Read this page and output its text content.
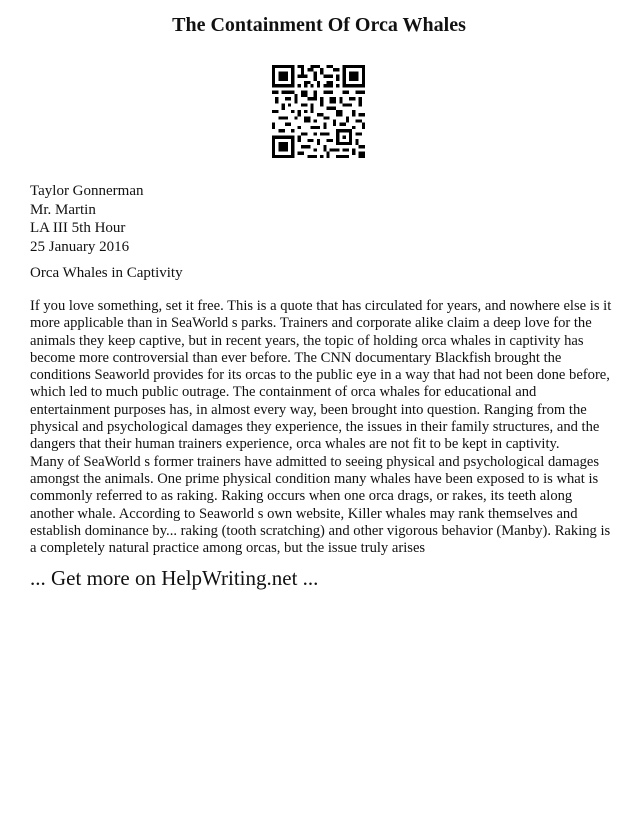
The Containment Of Orca Whales
Taylor Gonnerman
Mr. Martin
LA III 5th Hour
25 January 2016
Orca Whales in Captivity

If you love something, set it free. This is a quote that has circulated for years, and nowhere else is it more applicable than in SeaWorld s parks. Trainers and corporate alike claim a deep love for the animals they keep captive, but in recent years, the topic of holding orca whales in captivity has become more controversial than ever before. The CNN documentary Blackfish brought the conditions Seaworld provides for its orcas to the public eye in a way that had not been done before, which led to much public outrage. The containment of orca whales for educational and entertainment purposes has, in almost every way, been brought into question. Ranging from the physical and psychological damages they experience, the issues in their family structures, and the dangers that their human trainers experience, orca whales are not fit to be kept in captivity.

Many of SeaWorld s former trainers have admitted to seeing physical and psychological damages amongst the animals. One prime physical condition many whales have been exposed to is what is commonly referred to as raking. Raking occurs when one orca drags, or rakes, its teeth along another whale. According to Seaworld s own website, Killer whales may rank themselves and establish dominance by... raking (tooth scratching) and other vigorous behavior (Manby). Raking is a completely natural practice among orcas, but the issue truly arises

... Get more on HelpWriting.net ...
